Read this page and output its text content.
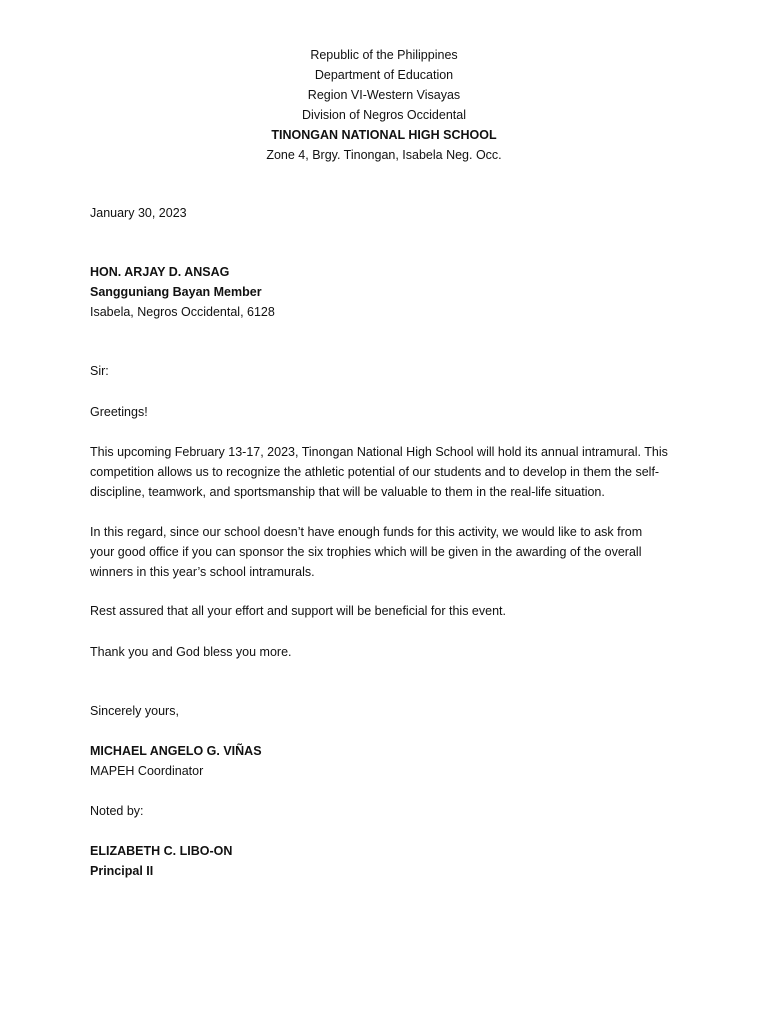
Republic of the Philippines
Department of Education
Region VI-Western Visayas
Division of Negros Occidental
TINONGAN NATIONAL HIGH SCHOOL
Zone 4, Brgy. Tinongan, Isabela Neg. Occ.
January 30, 2023
HON. ARJAY D. ANSAG
Sangguniang Bayan Member
Isabela, Negros Occidental, 6128
Sir:
Greetings!
This upcoming February 13-17, 2023, Tinongan National High School will hold its annual intramural. This
competition allows us to recognize the athletic potential of our students and to develop in them the self-
discipline, teamwork, and sportsmanship that will be valuable to them in the real-life situation.
In this regard, since our school doesn’t have enough funds for this activity, we would like to ask from
your good office if you can sponsor the six trophies which will be given in the awarding of the overall
winners in this year’s school intramurals.
Rest assured that all your effort and support will be beneficial for this event.
Thank you and God bless you more.
Sincerely yours,
MICHAEL ANGELO G. VIÑAS
MAPEH Coordinator
Noted by:
ELIZABETH C. LIBO-ON
Principal II
